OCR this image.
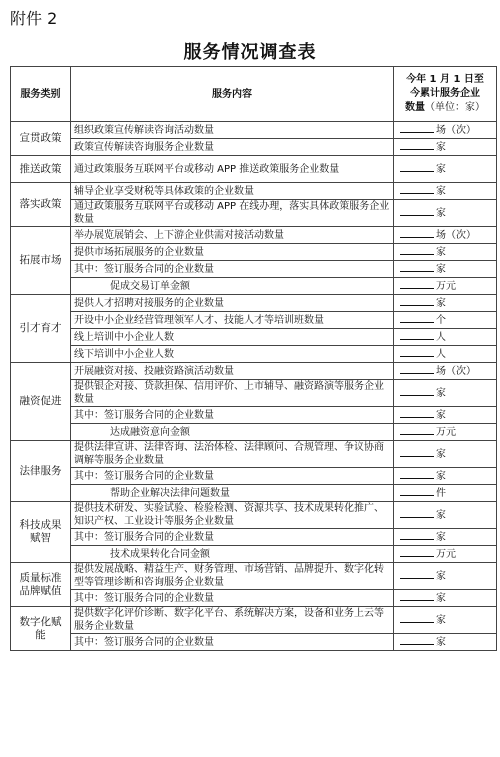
附件 2
服务情况调查表
服务类别	服务内容	今年 1 月 1 日至
今累计服务企业
数量（单位：家）
宣贯政策	组织政策宣传解读咨询活动数量	场（次）
	政策宣传解读咨询服务企业数量	家
推送政策	通过政策服务互联网平台或移动 APP 推送政策服务企业数量	家
落实政策	辅导企业享受财税等具体政策的企业数量	家
	通过政策服务互联网平台或移动 APP 在线办理，落实具体政策服务企业数量	家
拓展市场	举办展览展销会、上下游企业供需对接活动数量	场（次）
	提供市场拓展服务的企业数量	家
	其中：签订服务合同的企业数量	家
	促成交易订单金额	万元
引才育才	提供人才招聘对接服务的企业数量	家
	开设中小企业经营管理领军人才、技能人才等培训班数量	个
	线上培训中小企业人数	人
	线下培训中小企业人数	人
融资促进	开展融资对接、投融资路演活动数量	场（次）
	提供银企对接、贷款担保、信用评价、上市辅导、融资路演等服务企业数量	家
	其中：签订服务合同的企业数量	家
	达成融资意向金额	万元
法律服务	提供法律宣讲、法律咨询、法治体检、法律顾问、合规管理、争议协商调解等服务企业数量	家
	其中：签订服务合同的企业数量	家
	帮助企业解决法律问题数量	件
科技成果赋智	提供技术研发、实验试验、检验检测、资源共享、技术成果转化推广、知识产权、工业设计等服务企业数量	家
	其中：签订服务合同的企业数量	家
	技术成果转化合同金额	万元
质量标准品牌赋值	提供发展战略、精益生产、财务管理、市场营销、品牌提升、数字化转型等管理诊断和咨询服务企业数量	家
	其中：签订服务合同的企业数量	家
数字化赋能	提供数字化评价诊断、数字化平台、系统解决方案，设备和业务上云等服务企业数量	家
	其中：签订服务合同的企业数量	家
